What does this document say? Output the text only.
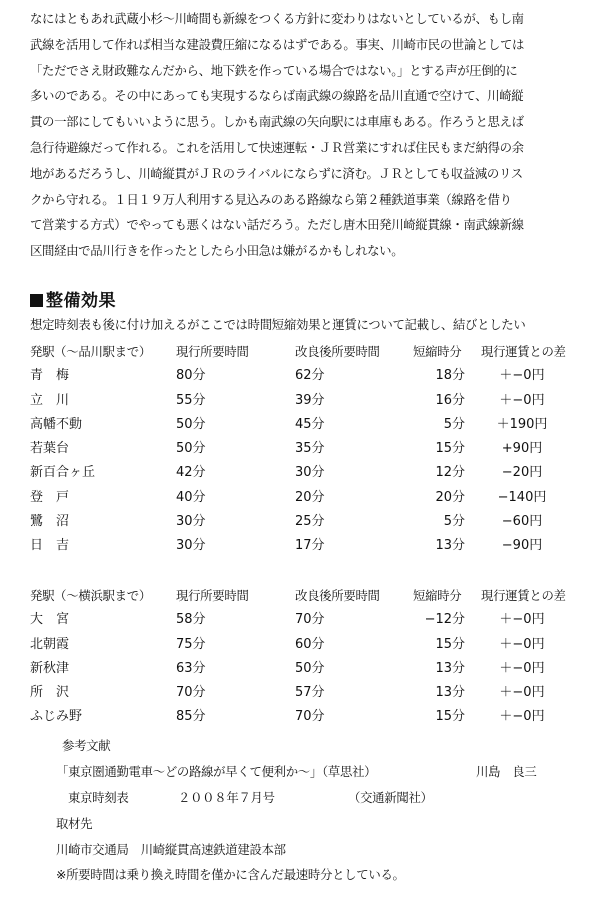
なにはともあれ武蔵小杉〜川崎間も新線をつくる方針に変わりはないとしているが、もし南
武線を活用して作れば相当な建設費圧縮になるはずである。事実、川崎市民の世論としては
「ただでさえ財政難なんだから、地下鉄を作っている場合ではない。」とする声が圧倒的に
多いのである。その中にあっても実現するならば南武線の線路を品川直通で空けて、川崎縦
貫の一部にしてもいいように思う。しかも南武線の矢向駅には車庫もある。作ろうと思えば
急行待避線だって作れる。これを活用して快速運転・ＪＲ営業にすれば住民もまだ納得の余
地があるだろうし、川崎縦貫がＪＲのライバルにならずに済む。ＪＲとしても収益減のリス
クから守れる。１日１９万人利用する見込みのある路線なら第２種鉄道事業（線路を借り
て営業する方式）でやっても悪くはない話だろう。ただし唐木田発川崎縦貫線・南武線新線
区間経由で品川行きを作ったとしたら小田急は嫌がるかもしれない。
整備効果

想定時刻表も後に付け加えるがここでは時間短縮効果と運賃について記載し、結びとしたい

発駅（〜品川駅まで） 現行所要時間	改良後所要時間	短縮時分 現行運賃との差
青　梅	80分	62分	18分	＋−0円
立　川	55分	39分	16分	＋−0円
高幡不動	50分	45分	5分	＋190円
若葉台	50分	35分	15分	+90円
新百合ヶ丘	42分	30分	12分	−20円
登　戸	40分	20分	20分	−140円
鷺　沼	30分	25分	5分	−60円
日　吉	30分	17分	13分	−90円
発駅（〜横浜駅まで） 現行所要時間	改良後所要時間	短縮時分 現行運賃との差
大　宮	58分	70分	−12分	＋−0円
北朝霞	75分	60分	15分	＋−0円
新秋津	63分	50分	13分	＋−0円
所　沢	70分	57分	13分	＋−0円
ふじみ野	85分	70分	15分	＋−0円
参考文献
「東京圏通勤電車〜どの路線が早くて便利か〜」（草思社）	川島　良三
東京時刻表	２００８年７月号	（交通新聞社）
取材先
川崎市交通局　川崎縦貫高速鉄道建設本部
※所要時間は乗り換え時間を僅かに含んだ最速時分としている。
